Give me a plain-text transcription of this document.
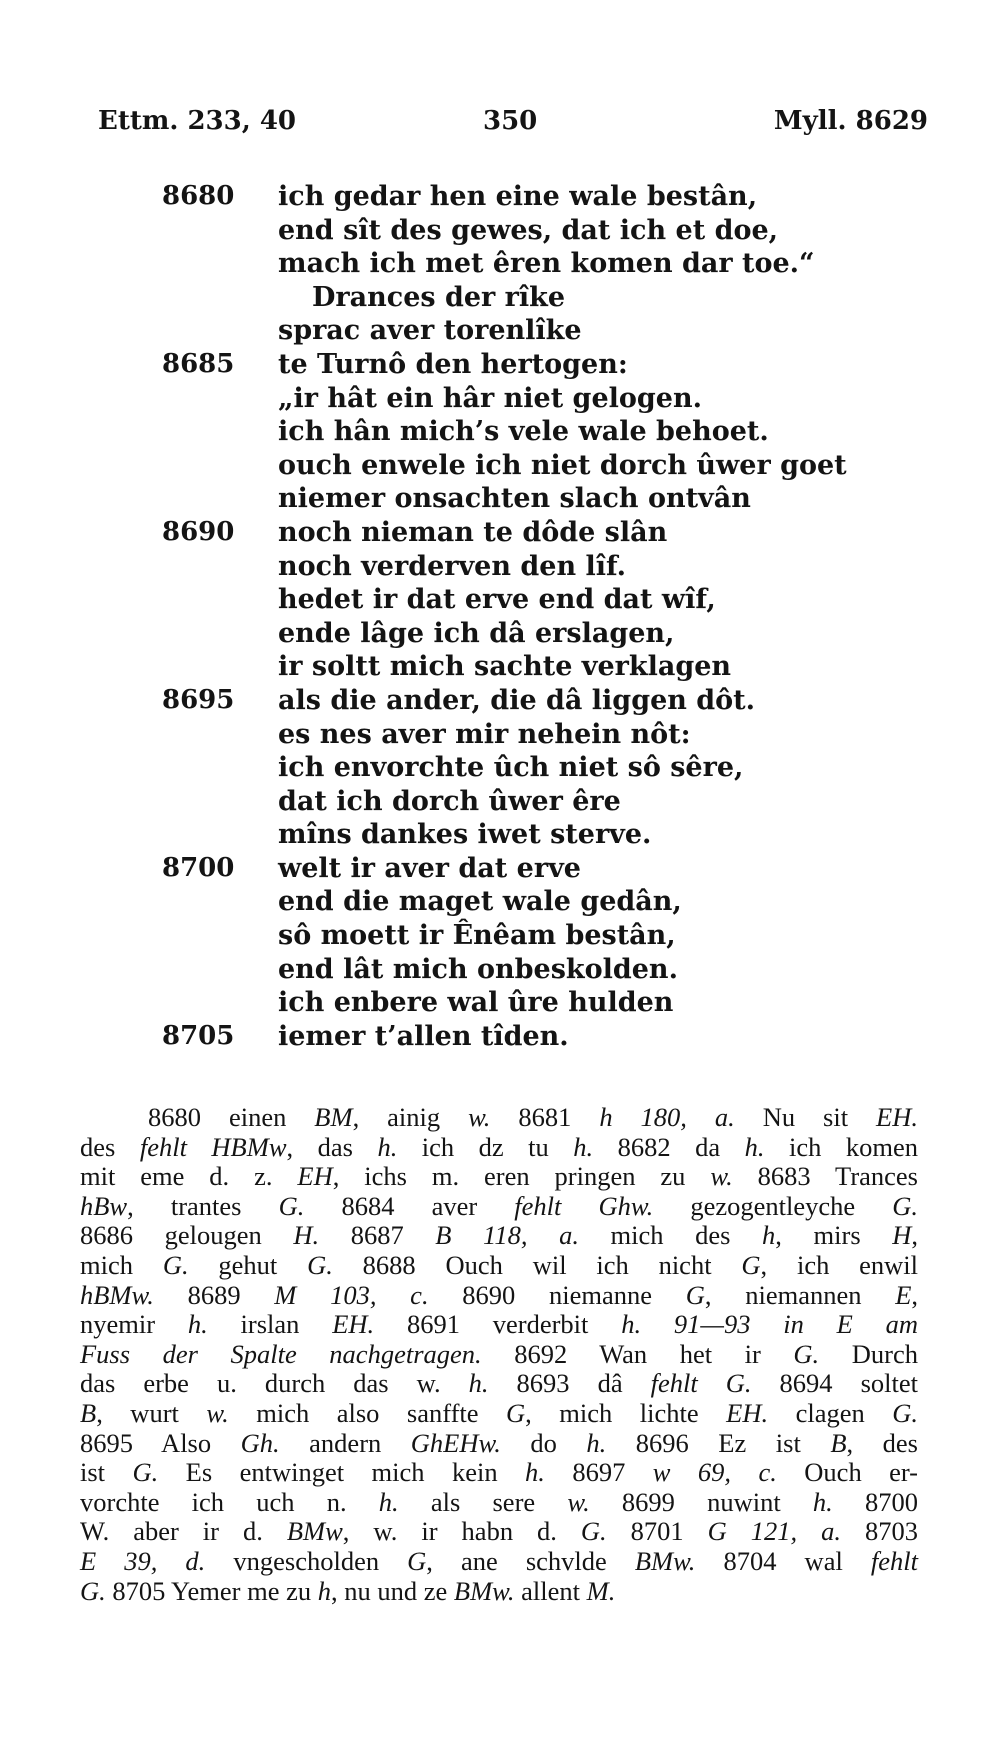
Ettm. 233, 40	350	Myll. 8629
8680 ich gedar hen eine wale bestân,
end sît des gewes, dat ich et doe,
mach ich met êren komen dar toe.“
Drances der rîke
sprac aver torenlîke
8685 te Turnô den hertogen:
„ir hât ein hâr niet gelogen.
ich hân mich’s vele wale behoet.
ouch enwele ich niet dorch ûwer goet
niemer onsachten slach ontvân
8690 noch nieman te dôde slân
noch verderven den lîf.
hedet ir dat erve end dat wîf,
ende lâge ich dâ erslagen,
ir soltt mich sachte verklagen
8695 als die ander, die dâ liggen dôt.
es nes aver mir nehein nôt:
ich envorchte ûch niet sô sêre,
dat ich dorch ûwer êre
mîns dankes iwet sterve.
8700 welt ir aver dat erve
end die maget wale gedân,
sô moett ir Ênêam bestân,
end lât mich onbeskolden.
ich enbere wal ûre hulden
8705 iemer t’allen tîden.
8680 einen BM, ainig w. 8681 h 180, a. Nu sit EH.
des fehlt HBMw, das h. ich dz tu h. 8682 da h. ich komen
mit eme d. z. EH, ichs m. eren pringen zu w. 8683 Trances
hBw, trantes G. 8684 aver fehlt Ghw. gezogentleyche G.
8686 gelougen H. 8687 B 118, a. mich des h, mirs H,
mich G. gehut G. 8688 Ouch wil ich nicht G, ich enwil
hBMw. 8689 M 103, c. 8690 niemanne G, niemannen E,
nyemir h. irslan EH. 8691 verderbit h. 91—93 in E am
Fuss der Spalte nachgetragen. 8692 Wan het ir G. Durch
das erbe u. durch das w. h. 8693 dâ fehlt G. 8694 soltet
B, wurt w. mich also sanffte G, mich lichte EH. clagen G.
8695 Also Gh. andern GhEHw. do h. 8696 Ez ist B, des
ist G. Es entwinget mich kein h. 8697 w 69, c. Ouch er-
vorchte ich uch n. h. als sere w. 8699 nuwint h. 8700
W. aber ir d. BMw, w. ir habn d. G. 8701 G 121, a. 8703
E 39, d. vngescholden G, ane schvlde BMw. 8704 wal fehlt
G. 8705 Yemer me zu h, nu und ze BMw. allent M.
